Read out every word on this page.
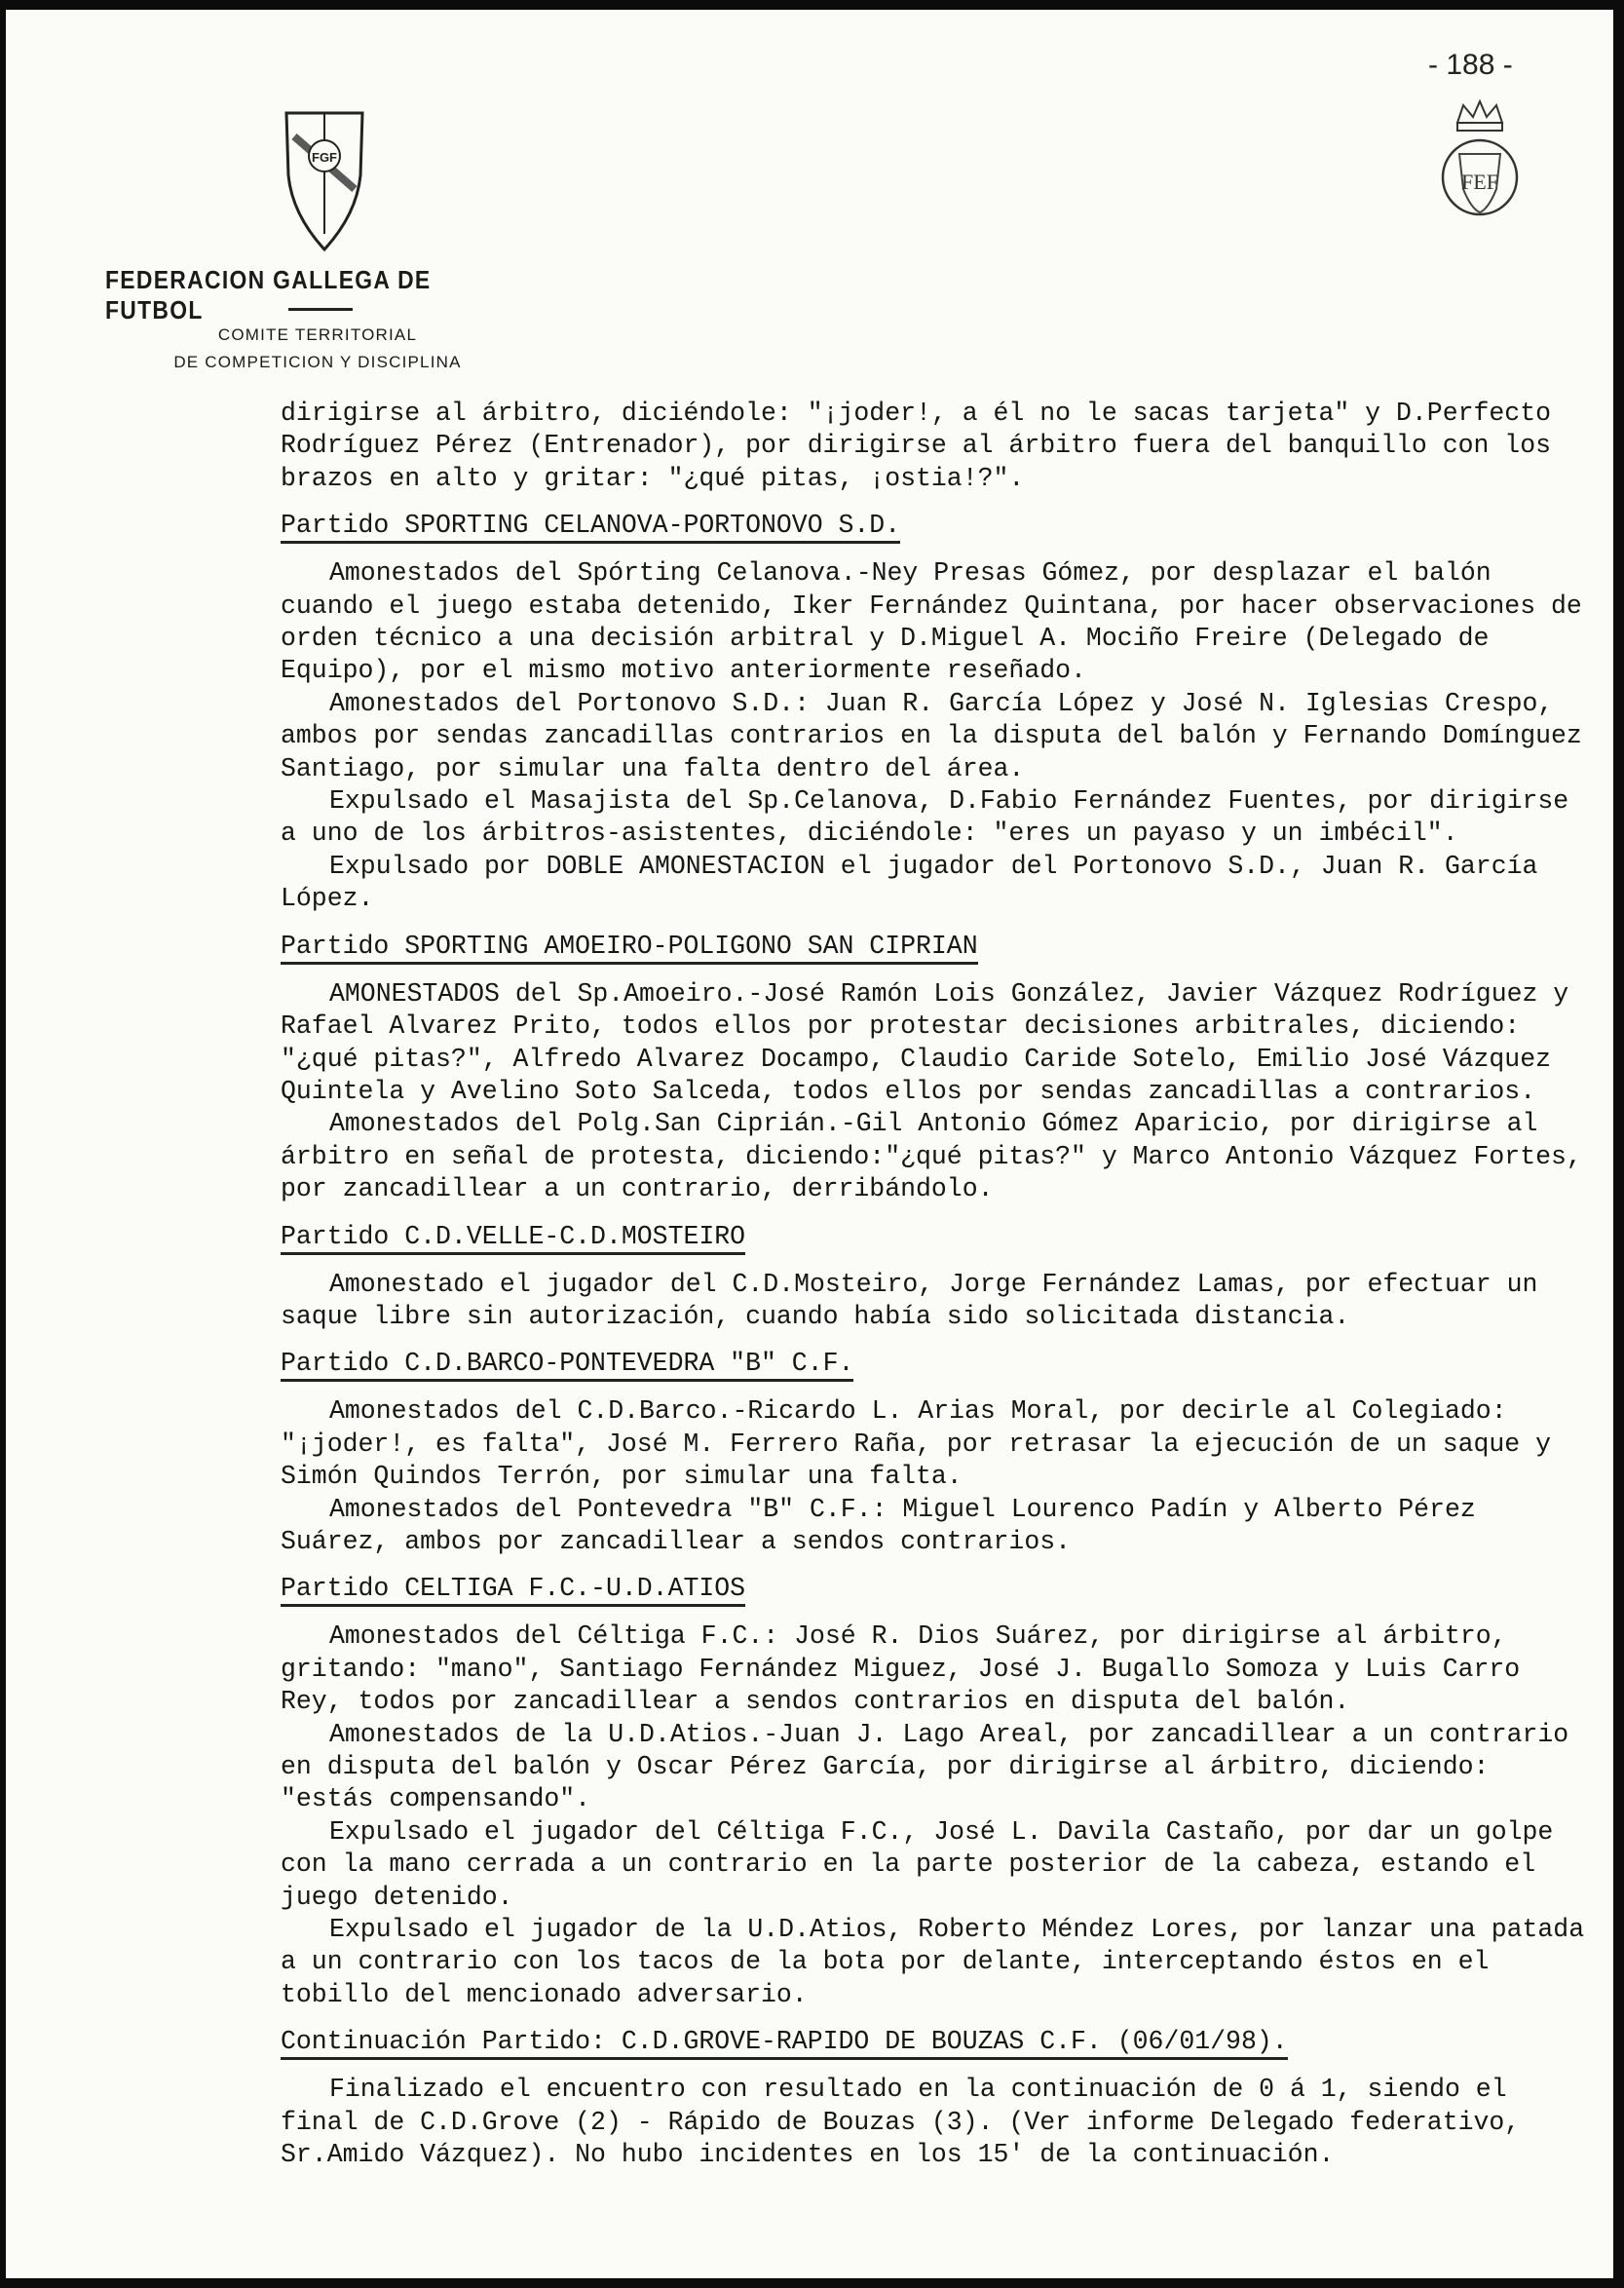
- 188 -
FGF
FEF
FEDERACION GALLEGA DE FUTBOL
COMITE TERRITORIAL
DE COMPETICION Y DISCIPLINA

dirigirse al árbitro, diciéndole: "¡joder!, a él no le sacas tarjeta" y D.Perfecto Rodríguez Pérez (Entrenador), por dirigirse al árbitro fuera del banquillo con los brazos en alto y gritar: "¿qué pitas, ¡ostia!?".

Partido SPORTING CELANOVA-PORTONOVO S.D.

Amonestados del Spórting Celanova.-Ney Presas Gómez, por desplazar el balón cuando el juego estaba detenido, Iker Fernández Quintana, por hacer observaciones de orden técnico a una decisión arbitral y D.Miguel A. Mociño Freire (Delegado de Equipo), por el mismo motivo anteriormente reseñado.

Amonestados del Portonovo S.D.: Juan R. García López y José N. Iglesias Crespo, ambos por sendas zancadillas contrarios en la disputa del balón y Fernando Domínguez Santiago, por simular una falta dentro del área.

Expulsado el Masajista del Sp.Celanova, D.Fabio Fernández Fuentes, por dirigirse a uno de los árbitros-asistentes, diciéndole: "eres un payaso y un imbécil".

Expulsado por DOBLE AMONESTACION el jugador del Portonovo S.D., Juan R. García López.

Partido SPORTING AMOEIRO-POLIGONO SAN CIPRIAN

AMONESTADOS del Sp.Amoeiro.-José Ramón Lois González, Javier Vázquez Rodríguez y Rafael Alvarez Prito, todos ellos por protestar decisiones arbitrales, diciendo: "¿qué pitas?", Alfredo Alvarez Docampo, Claudio Caride Sotelo, Emilio José Vázquez Quintela y Avelino Soto Salceda, todos ellos por sendas zancadillas a contrarios.

Amonestados del Polg.San Ciprián.-Gil Antonio Gómez Aparicio, por dirigirse al árbitro en señal de protesta, diciendo:"¿qué pitas?" y Marco Antonio Vázquez Fortes, por zancadillear a un contrario, derribándolo.

Partido C.D.VELLE-C.D.MOSTEIRO

Amonestado el jugador del C.D.Mosteiro, Jorge Fernández Lamas, por efectuar un saque libre sin autorización, cuando había sido solicitada distancia.

Partido C.D.BARCO-PONTEVEDRA "B" C.F.

Amonestados del C.D.Barco.-Ricardo L. Arias Moral, por decirle al Colegiado: "¡joder!, es falta", José M. Ferrero Raña, por retrasar la ejecución de un saque y Simón Quindos Terrón, por simular una falta.

Amonestados del Pontevedra "B" C.F.: Miguel Lourenco Padín y Alberto Pérez Suárez, ambos por zancadillear a sendos contrarios.

Partido CELTIGA F.C.-U.D.ATIOS

Amonestados del Céltiga F.C.: José R. Dios Suárez, por dirigirse al árbitro, gritando: "mano", Santiago Fernández Miguez, José J. Bugallo Somoza y Luis Carro Rey, todos por zancadillear a sendos contrarios en disputa del balón.

Amonestados de la U.D.Atios.-Juan J. Lago Areal, por zancadillear a un contrario en disputa del balón y Oscar Pérez García, por dirigirse al árbitro, diciendo: "estás compensando".

Expulsado el jugador del Céltiga F.C., José L. Davila Castaño, por dar un golpe con la mano cerrada a un contrario en la parte posterior de la cabeza, estando el juego detenido.

Expulsado el jugador de la U.D.Atios, Roberto Méndez Lores, por lanzar una patada a un contrario con los tacos de la bota por delante, interceptando éstos en el tobillo del mencionado adversario.

Continuación Partido: C.D.GROVE-RAPIDO DE BOUZAS C.F. (06/01/98).

Finalizado el encuentro con resultado en la continuación de 0 á 1, siendo el final de C.D.Grove (2) - Rápido de Bouzas (3). (Ver informe Delegado federativo, Sr.Amido Vázquez). No hubo incidentes en los 15' de la continuación.
